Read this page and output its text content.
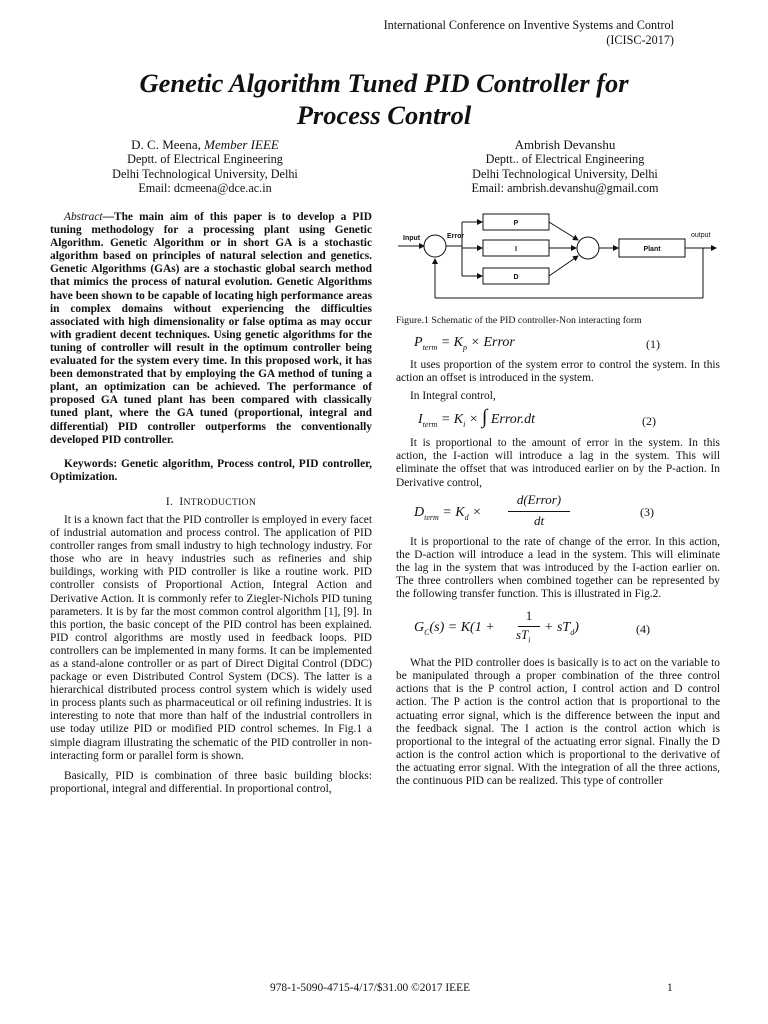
International Conference on Inventive Systems and Control
(ICISC-2017)
Genetic Algorithm Tuned PID Controller for
Process Control
D. C. Meena, Member IEEE
Deptt. of Electrical Engineering
Delhi Technological University, Delhi
Email: dcmeena@dce.ac.in
Ambrish Devanshu
Deptt.. of Electrical Engineering
Delhi Technological University, Delhi
Email: ambrish.devanshu@gmail.com

Abstract—The main aim of this paper is to develop a PID tuning methodology for a processing plant using Genetic Algorithm. Genetic Algorithm or in short GA is a stochastic algorithm based on principles of natural selection and genetics. Genetic Algorithms (GAs) are a stochastic global search method that mimics the process of natural evolution. Genetic Algorithms have been shown to be capable of locating high performance areas in complex domains without experiencing the difficulties associated with high dimensionality or false optima as may occur with gradient decent techniques. Using genetic algorithms for the tuning of controller will result in the optimum controller being evaluated for the system every time. In this proposed work, it has been demonstrated that by employing the GA method of tuning a plant, an optimization can be achieved. The performance of proposed GA tuned plant has been compared with classically tuned plant, where the GA tuned (proportional, integral and differential) PID controller outperforms the conventionally developed PID controller.

Keywords: Genetic algorithm, Process control, PID controller, Optimization.

I. INTRODUCTION

It is a known fact that the PID controller is employed in every facet of industrial automation and process control. The application of PID controller ranges from small industry to high technology industry. For those who are in heavy industries such as refineries and ship buildings, working with PID controller is like a routine work. PID controller consists of Proportional Action, Integral Action and Derivative Action. It is commonly refer to Ziegler-Nichols PID tuning parameters. It is by far the most common control algorithm [1], [9]. In this portion, the basic concept of the PID control has been explained. PID control algorithms are mostly used in feedback loops. PID controllers can be implemented in many forms. It can be implemented as a stand-alone controller or as part of Direct Digital Control (DDC) package or even Distributed Control System (DCS). The latter is a hierarchical distributed process control system which is widely used in process plants such as pharmaceutical or oil refining industries. It is interesting to note that more than half of the industrial controllers in use today utilize PID or modified PID control schemes. In Fig.1 a simple diagram illustrating the schematic of the PID controller in non-interacting form or parallel form is shown.

Basically, PID is combination of three basic building blocks: proportional, integral and differential. In proportional control,

Input	Error
P
I
D
Plant
output
Figure.1 Schematic of the PID controller-Non interacting form
$P_{term} = K_p$ × Error	(1)

It uses proportion of the system error to control the system. In this action an offset is introduced in the system.

In Integral control,

$I_{term} = K_i$ × ∫ Error.dt	(2)

It is proportional to the amount of error in the system. In this action, the I-action will introduce a lag in the system. This will eliminate the offset that was introduced earlier on by the P-action. In Derivative control,

$D_{term} = K_d$ ×
d(Error)
dt
(3)

It is proportional to the rate of change of the error. In this action, the D-action will introduce a lead in the system. This will eliminate the lag in the system that was introduced by the I-action earlier on. The three controllers when combined together can be represented by the following transfer function. This is illustrated in Fig.2.

$G_C(s) = K(1$ +
1
$sT_i$
+ $sT_d$)	(4)

What the PID controller does is basically is to act on the variable to be manipulated through a proper combination of the three control actions that is the P control action, I control action and D control action. The P action is the control action that is proportional to the actuating error signal, which is the difference between the input and the feedback signal. The I action is the control action which is proportional to the integral of the actuating error signal. Finally the D action is the control action which is proportional to the derivative of the actuating error signal. With the integration of all the three actions, the continuous PID can be realized. This type of controller

978-1-5090-4715-4/17/$31.00 ©2017 IEEE	1
